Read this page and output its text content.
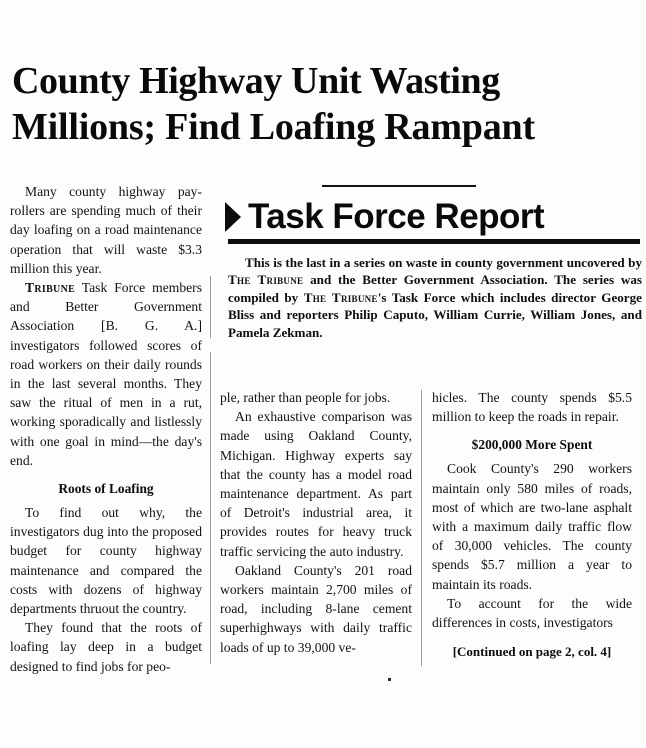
County Highway Unit Wasting
Millions; Find Loafing Rampant
Task Force Report
This is the last in a series on waste in county government uncovered by The Tribune and the Better Government Association. The series was compiled by The Tribune's Task Force which includes director George Bliss and reporters Philip Caputo, William Currie, William Jones, and Pamela Zekman.

Many county highway pay-rollers are spending much of their day loafing on a road maintenance operation that will waste $3.3 million this year.

Tribune Task Force members and Better Government Association [B. G. A.] investigators followed scores of road workers on their daily rounds in the last several months. They saw the ritual of men in a rut, working sporadically and listlessly with one goal in mind—the day's end.

Roots of Loafing

To find out why, the investigators dug into the proposed budget for county highway maintenance and compared the costs with dozens of highway departments thruout the country.

They found that the roots of loafing lay deep in a budget designed to find jobs for peo-

ple, rather than people for jobs.

An exhaustive comparison was made using Oakland County, Michigan. Highway experts say that the county has a model road maintenance department. As part of Detroit's industrial area, it provides routes for heavy truck traffic servicing the auto industry.

Oakland County's 201 road workers maintain 2,700 miles of road, including 8-lane cement superhighways with daily traffic loads of up to 39,000 ve-

hicles. The county spends $5.5 million to keep the roads in repair.

$200,000 More Spent

Cook County's 290 workers maintain only 580 miles of roads, most of which are two-lane asphalt with a maximum daily traffic flow of 30,000 vehicles. The county spends $5.7 million a year to maintain its roads.

To account for the wide differences in costs, investigators

[Continued on page 2, col. 4]
